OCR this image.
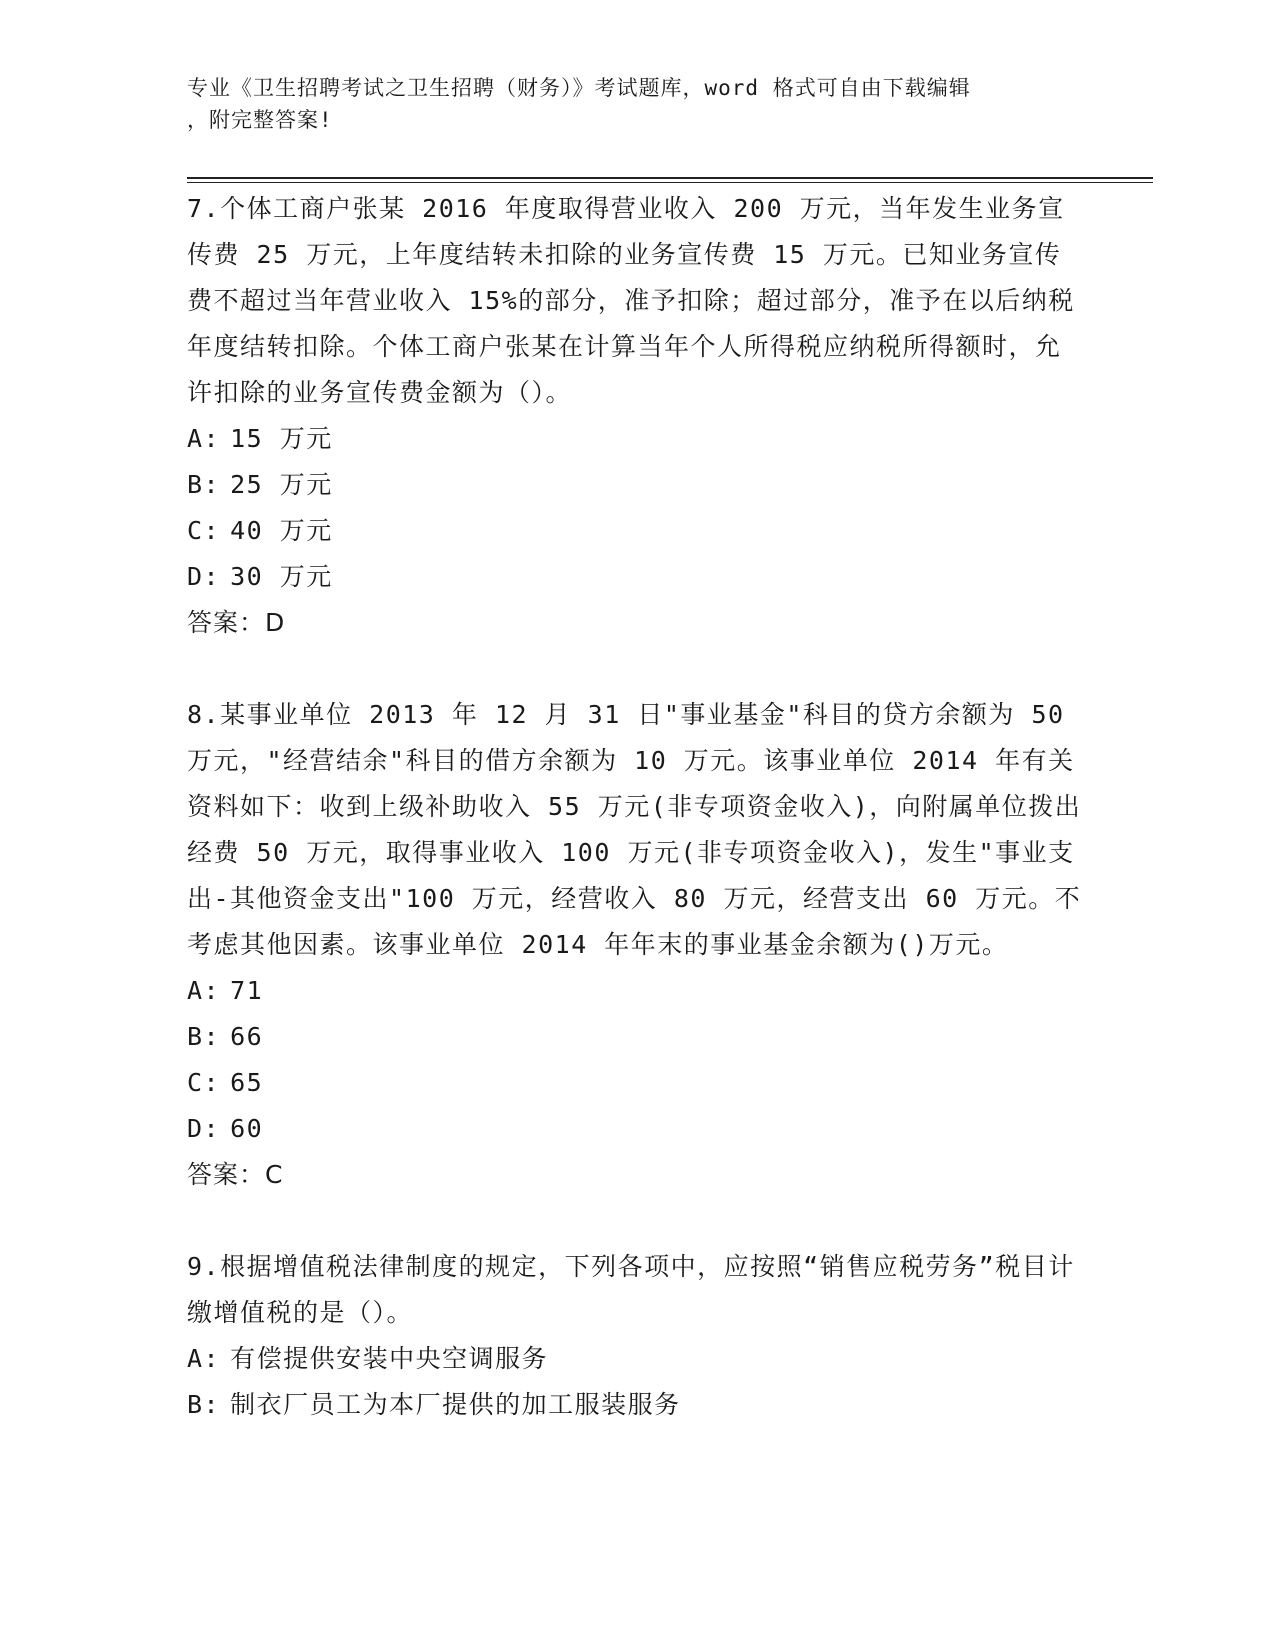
专业《卫生招聘考试之卫生招聘（财务）》考试题库，word 格式可自由下载编辑
，附完整答案!

7.个体工商户张某 2016 年度取得营业收入 200 万元，当年发生业务宣传费 25 万元，上年度结转未扣除的业务宣传费 15 万元。已知业务宣传费不超过当年营业收入 15%的部分，准予扣除；超过部分，准予在以后纳税年度结转扣除。个体工商户张某在计算当年个人所得税应纳税所得额时，允许扣除的业务宣传费金额为（）。

A: 15 万元
B: 25 万元
C: 40 万元
D: 30 万元

答案：D

8.某事业单位 2013 年 12 月 31 日"事业基金"科目的贷方余额为 50 万元，"经营结余"科目的借方余额为 10 万元。该事业单位 2014 年有关资料如下：收到上级补助收入 55 万元(非专项资金收入)，向附属单位拨出经费 50 万元，取得事业收入 100 万元(非专项资金收入)，发生"事业支出-其他资金支出"100 万元，经营收入 80 万元，经营支出 60 万元。不考虑其他因素。该事业单位 2014 年年末的事业基金余额为()万元。

A: 71
B: 66
C: 65
D: 60

答案：C

9.根据增值税法律制度的规定，下列各项中，应按照“销售应税劳务”税目计缴增值税的是（）。

A: 有偿提供安装中央空调服务
B: 制衣厂员工为本厂提供的加工服装服务
